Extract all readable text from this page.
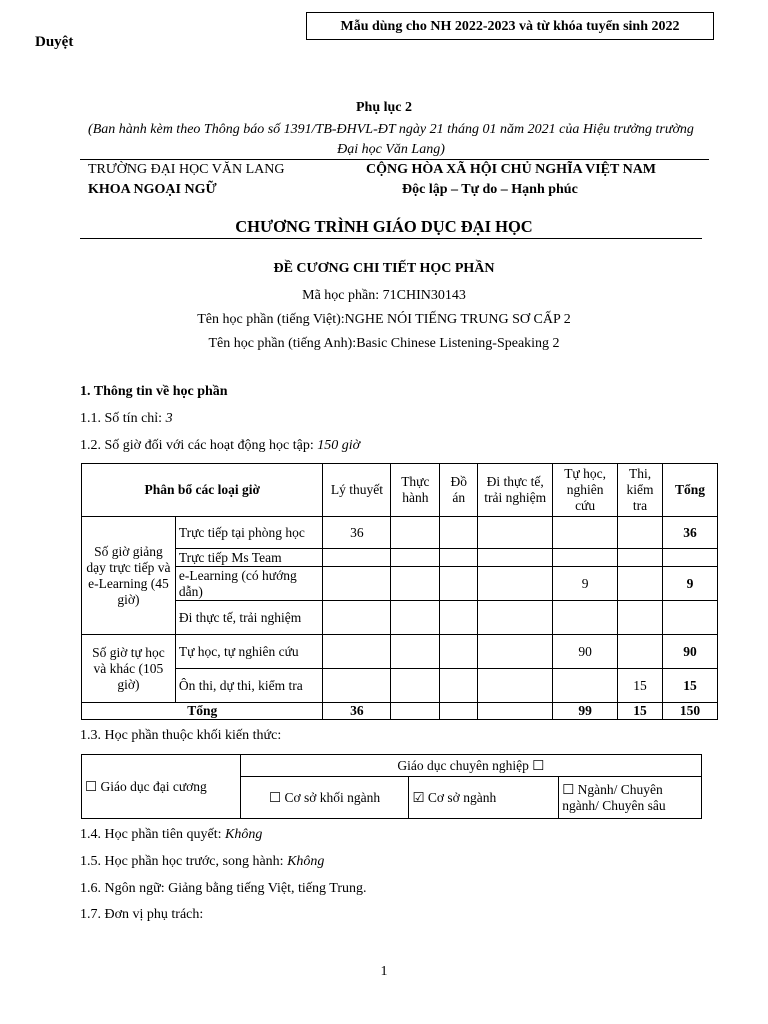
Mẫu dùng cho NH 2022-2023 và từ khóa tuyển sinh 2022
Duyệt
Phụ lục 2
(Ban hành kèm theo Thông báo số 1391/TB-ĐHVL-ĐT ngày 21 tháng 01 năm 2021 của Hiệu trưởng trường Đại học Văn Lang)
TRƯỜNG ĐẠI HỌC VĂN LANG
KHOA NGOẠI NGỮ
CỘNG HÒA XÃ HỘI CHỦ NGHĨA VIỆT NAM
Độc lập – Tự do – Hạnh phúc
CHƯƠNG TRÌNH GIÁO DỤC ĐẠI HỌC
ĐỀ CƯƠNG CHI TIẾT HỌC PHẦN
Mã học phần: 71CHIN30143
Tên học phần (tiếng Việt):NGHE NÓI TIẾNG TRUNG SƠ CẤP 2
Tên học phần (tiếng Anh):Basic Chinese Listening-Speaking 2
1. Thông tin về học phần
1.1. Số tín chỉ: 3
1.2. Số giờ đối với các hoạt động học tập: 150 giờ
Phân bổ các loại giờ		Lý thuyết	Thực hành	Đồ án	Đi thực tế, trải nghiệm	Tự học, nghiên cứu	Thi, kiểm tra	Tổng
Số giờ giảng dạy trực tiếp và e-Learning (45 giờ)	Trực tiếp tại phòng học	36						36
	Trực tiếp Ms Team							
	e-Learning (có hướng dẫn)					9		9
	Đi thực tế, trải nghiệm							
Số giờ tự học và khác (105 giờ)	Tự học, tự nghiên cứu					90		90
	Ôn thi, dự thi, kiểm tra						15	15
Tổng		36				99	15	150
1.3. Học phần thuộc khối kiến thức:
☐ Giáo dục đại cương	Giáo dục chuyên nghiệp ☐		
	☐ Cơ sở khối ngành	☑ Cơ sở ngành	☐ Ngành/ Chuyên ngành/ Chuyên sâu
1.4. Học phần tiên quyết: Không
1.5. Học phần học trước, song hành: Không
1.6. Ngôn ngữ: Giảng bằng tiếng Việt, tiếng Trung.
1.7. Đơn vị phụ trách:
1
